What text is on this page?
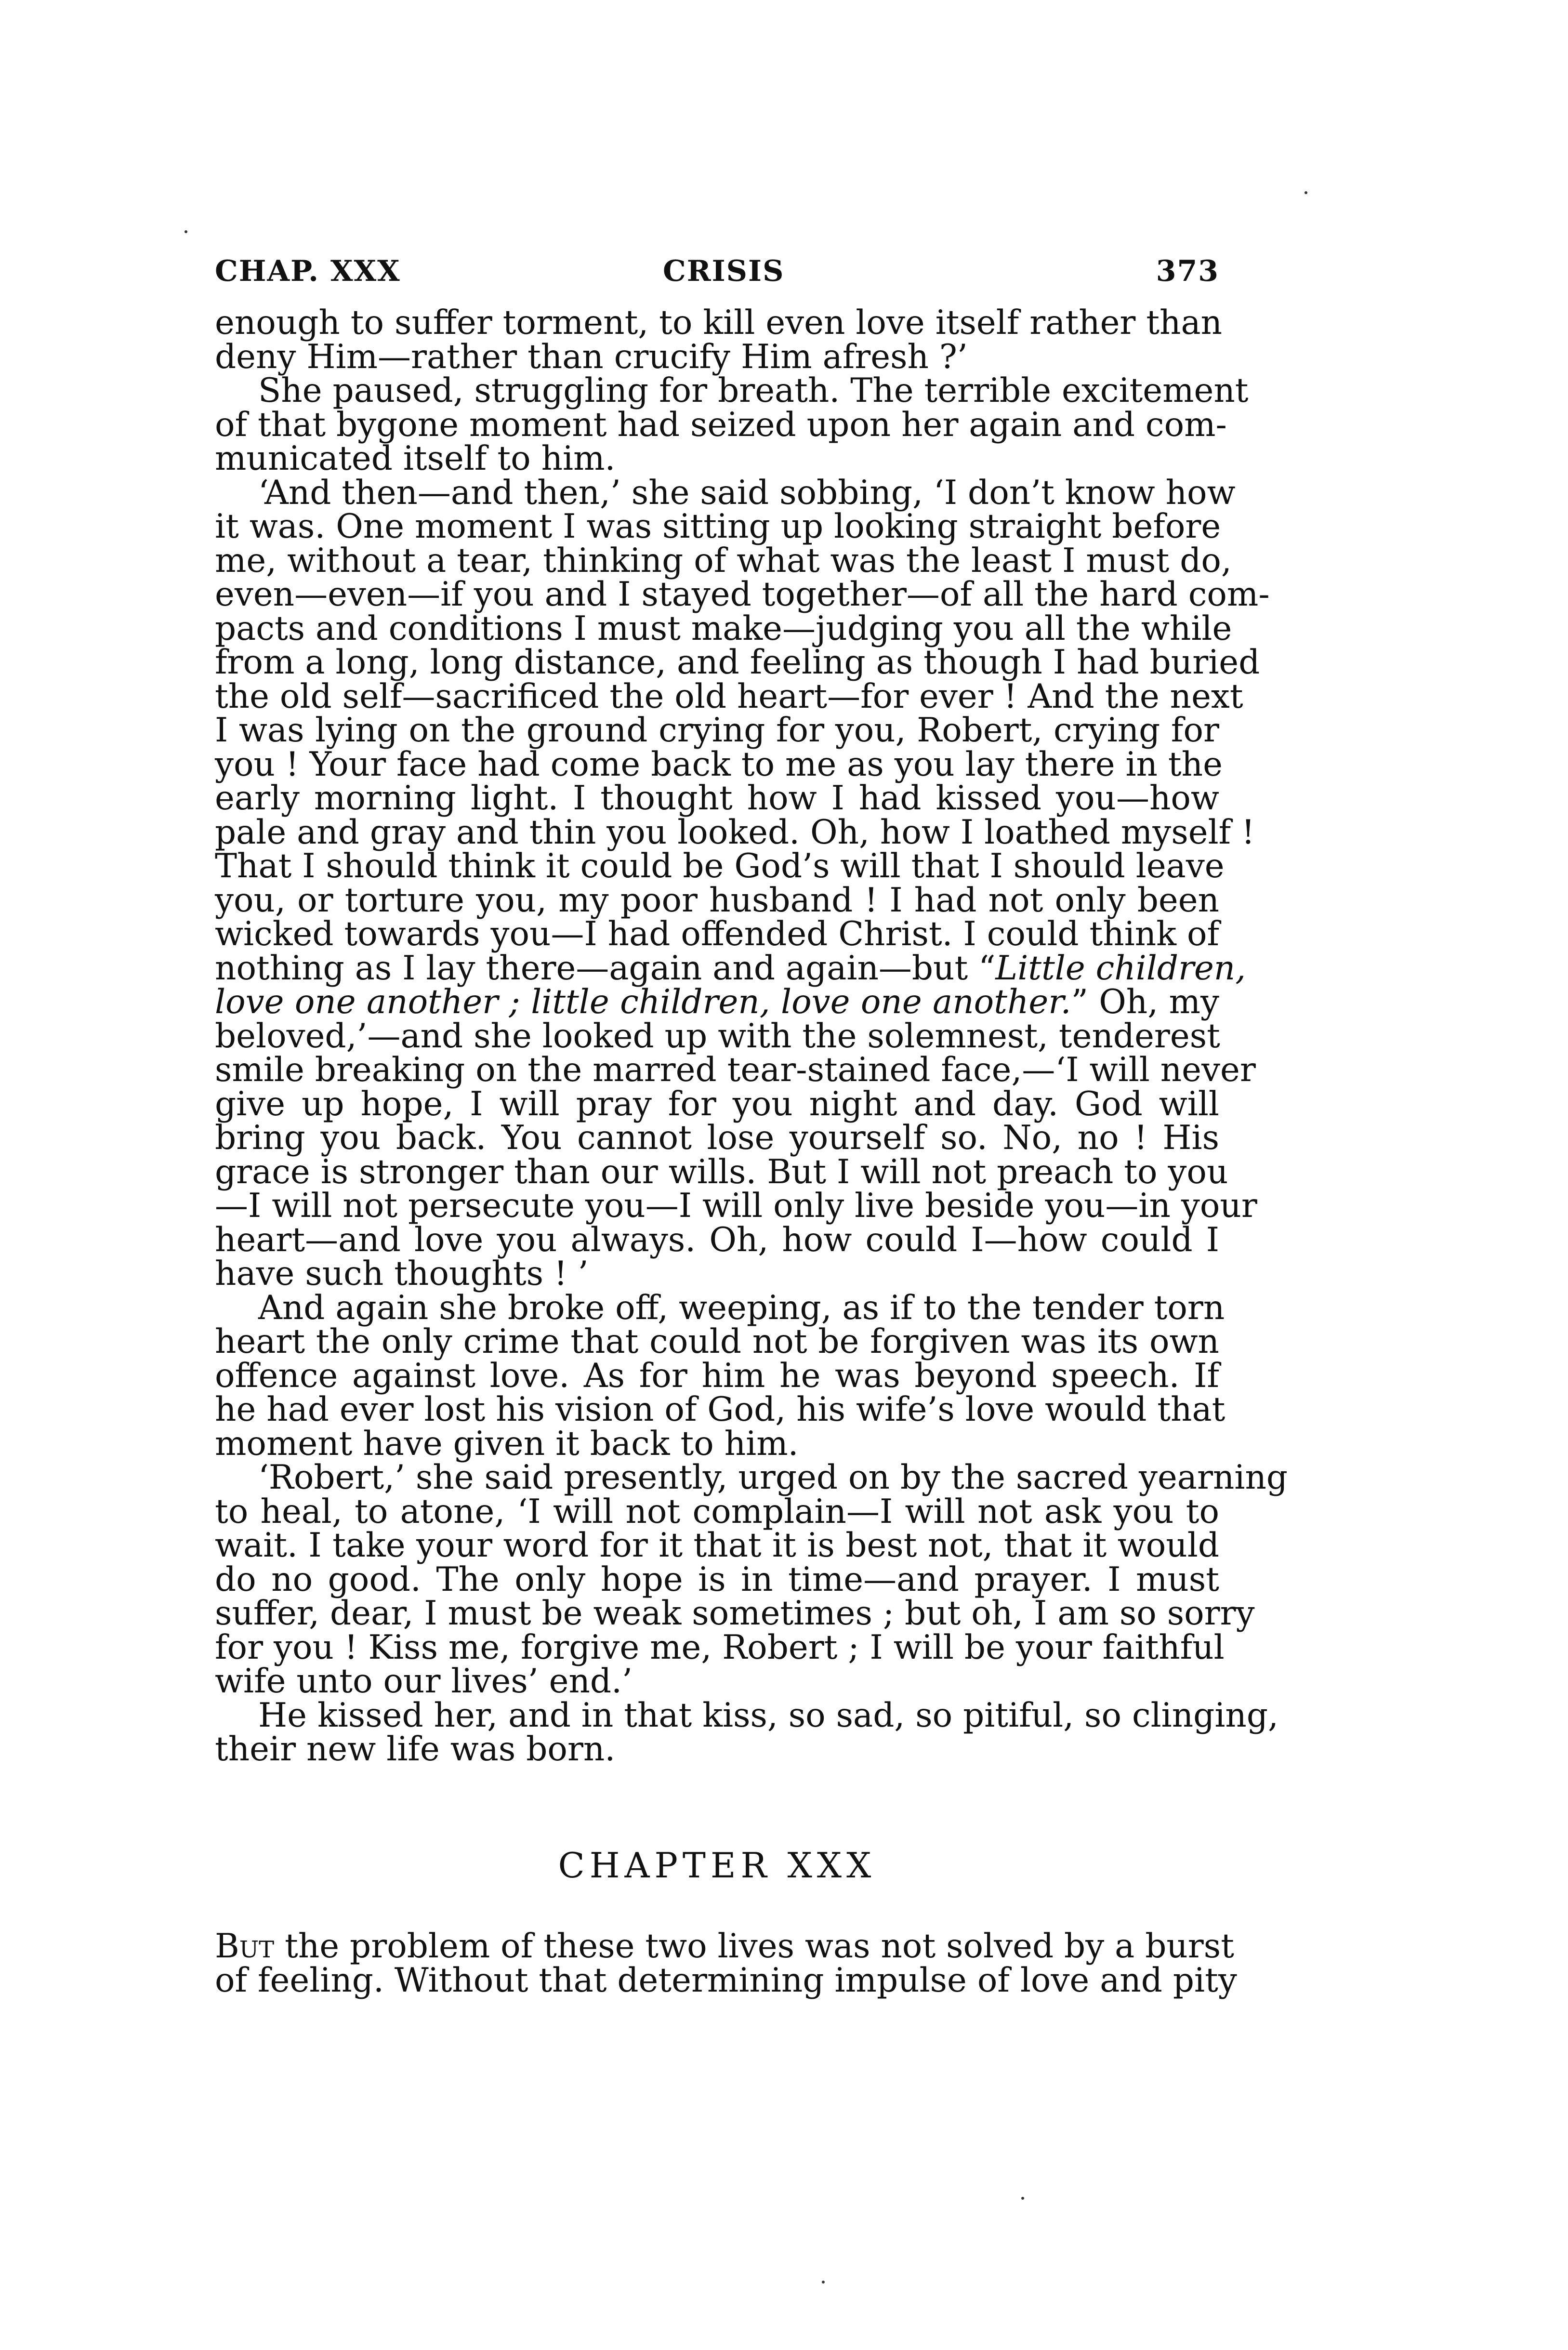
CHAP. XXX	CRISIS	373
enough to suffer torment, to kill even love itself rather than
deny Him—rather than crucify Him afresh ?’
She paused, struggling for breath. The terrible excitement
of that bygone moment had seized upon her again and com-
municated itself to him.
‘And then—and then,’ she said sobbing, ‘I don’t know how
it was. One moment I was sitting up looking straight before
me, without a tear, thinking of what was the least I must do,
even—even—if you and I stayed together—of all the hard com-
pacts and conditions I must make—judging you all the while
from a long, long distance, and feeling as though I had buried
the old self—sacrificed the old heart—for ever ! And the next
I was lying on the ground crying for you, Robert, crying for
you ! Your face had come back to me as you lay there in the
early morning light. I thought how I had kissed you—how
pale and gray and thin you looked. Oh, how I loathed myself !
That I should think it could be God’s will that I should leave
you, or torture you, my poor husband ! I had not only been
wicked towards you—I had offended Christ. I could think of
nothing as I lay there—again and again—but “Little children,
love one another ; little children, love one another.” Oh, my
beloved,’—and she looked up with the solemnest, tenderest
smile breaking on the marred tear-stained face,—‘I will never
give up hope, I will pray for you night and day. God will
bring you back. You cannot lose yourself so. No, no ! His
grace is stronger than our wills. But I will not preach to you
—I will not persecute you—I will only live beside you—in your
heart—and love you always. Oh, how could I—how could I
have such thoughts ! ’
And again she broke off, weeping, as if to the tender torn
heart the only crime that could not be forgiven was its own
offence against love. As for him he was beyond speech. If
he had ever lost his vision of God, his wife’s love would that
moment have given it back to him.
‘Robert,’ she said presently, urged on by the sacred yearning
to heal, to atone, ‘I will not complain—I will not ask you to
wait. I take your word for it that it is best not, that it would
do no good. The only hope is in time—and prayer. I must
suffer, dear, I must be weak sometimes ; but oh, I am so sorry
for you ! Kiss me, forgive me, Robert ; I will be your faithful
wife unto our lives’ end.’
He kissed her, and in that kiss, so sad, so pitiful, so clinging,
their new life was born.
CHAPTER XXX
But the problem of these two lives was not solved by a burst
of feeling. Without that determining impulse of love and pity
